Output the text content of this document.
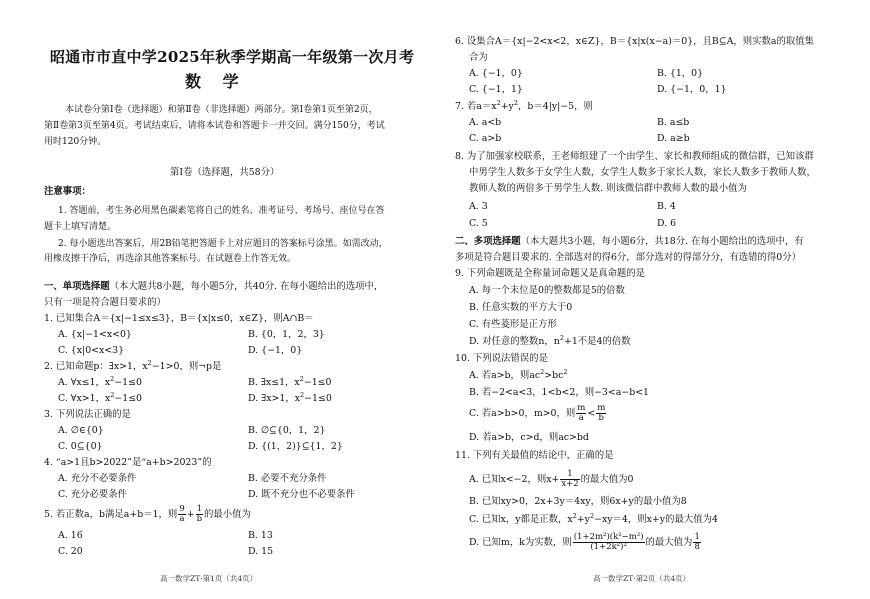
昭通市市直中学2025年秋季学期高一年级第一次月考
数 学
本试卷分第Ⅰ卷（选择题）和第Ⅱ卷（非选择题）两部分。第Ⅰ卷第1页至第2页，
第Ⅱ卷第3页至第4页。考试结束后，请将本试卷和答题卡一并交回。满分150分，考试
用时120分钟。
第Ⅰ卷（选择题，共58分）
注意事项：
1. 答题前，考生务必用黑色碳素笔将自己的姓名、准考证号、考场号、座位号在答
题卡上填写清楚。
2. 每小题选出答案后，用2B铅笔把答题卡上对应题目的答案标号涂黑。如需改动，
用橡皮擦干净后，再选涂其他答案标号。在试题卷上作答无效。
一、单项选择题（本大题共8小题，每小题5分，共40分. 在每小题给出的选项中，
只有一项是符合题目要求的）
1. 已知集合A＝{x|−1≤x≤3}，B＝{x|x≤0，x∈Z}，则A∩B＝
A. {x|−1<x<0}	B. {0，1，2，3}
C. {x|0<x<3}	D. {−1，0}
2. 已知命题p：∃x>1，$x^2-1>0$，则¬p是
A. ∀x≤1，$x^2-1\le 0$	B. ∃x≤1，$x^2-1\le 0$
C. ∀x>1，$x^2-1\le 0$	D. ∃x>1，$x^2-1\le 0$
3. 下列说法正确的是
A. ∅∈{0}	B. ∅⊆{0，1，2}
C. 0⊆{0}	D. {(1，2)}⊆{1，2}
4. “a>1且b>2022”是“a+b>2023”的
A. 充分不必要条件	B. 必要不充分条件
C. 充分必要条件	D. 既不充分也不必要条件
5. 若正数a，b满足a+b＝1，则 $\frac{9}{a} + \frac{1}{b}$ 的最小值为
A. 16	B. 13
C. 20	D. 15
高一数学ZT·第1页（共4页）
6. 设集合A＝{x|−2<x<2，x∈Z}，B＝{x|x(x−a)＝0}，且B⊆A，则实数a的取值集
合为
A. {−1，0}	B. {1，0}
C. {−1，1}	D. {−1，0，1}
7. 若$a=x^2+y^2$，b＝4|y|−5，则
A. a<b	B. a≤b
C. a>b	D. a≥b
8. 为了加强家校联系，王老师组建了一个由学生、家长和教师组成的微信群，已知该群
中男学生人数多于女学生人数，女学生人数多于家长人数，家长人数多于教师人数，
教师人数的两倍多于男学生人数. 则该微信群中教师人数的最小值为
A. 3	B. 4
C. 5	D. 6
二、多项选择题（本大题共3小题，每小题6分，共18分. 在每小题给出的选项中，有
多项是符合题目要求的. 全部选对的得6分，部分选对的得部分分，有选错的得0分）
9. 下列命题既是全称量词命题又是真命题的是
A. 每一个末位是0的整数都是5的倍数
B. 任意实数的平方大于0
C. 有些菱形是正方形
D. 对任意的整数n，$n^2+1$不是4的倍数
10. 下列说法错误的是
A. 若a>b，则$ac^2>bc^2$
B. 若−2<a<3，1<b<2，则−3<a−b<1
C. 若a>b>0，m>0，则 $\frac{m}{a} < \frac{m}{b}$
D. 若a>b，c>d，则ac>bd
11. 下列有关最值的结论中，正确的是
A. 已知x<−2，则$x+ \frac{1}{x+2}$ 的最大值为0
B. 已知xy>0，2x+3y＝4xy，则6x+y的最小值为8
C. 已知x，y都是正数，$x^2+y^2-xy=4$，则x+y的最大值为4
D. 已知m，k为实数，则 $\frac{\text{(1+2m²)(k²−m²)}}{\text{(1+2k²)²}}$ 的最大值为 $\frac{1}{8}$
高一数学ZT·第2页（共4页）
